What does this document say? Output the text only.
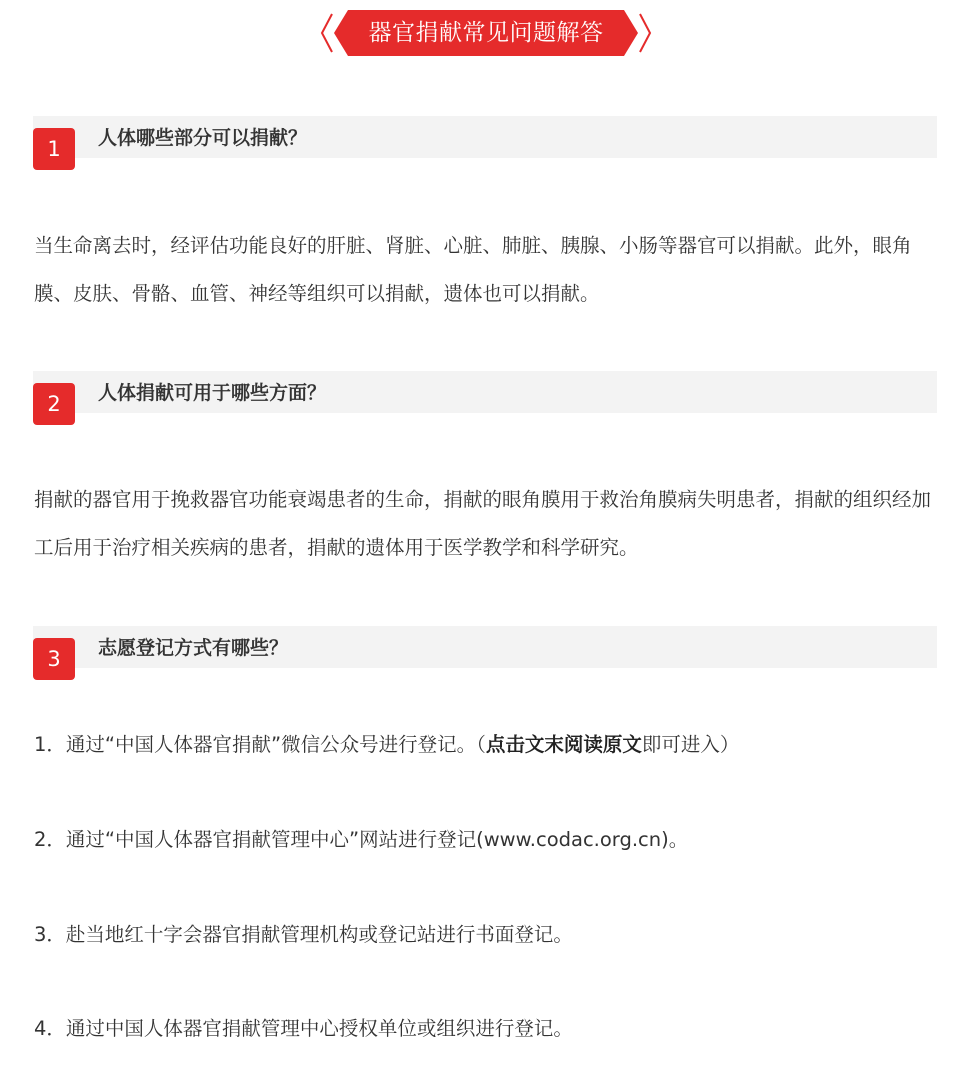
器官捐献常见问题解答
1	人体哪些部分可以捐献？

当生命离去时，经评估功能良好的肝脏、肾脏、心脏、肺脏、胰腺、小肠等器官可以捐献。此外，眼角膜、皮肤、骨骼、血管、神经等组织可以捐献，遗体也可以捐献。

2	人体捐献可用于哪些方面？

捐献的器官用于挽救器官功能衰竭患者的生命，捐献的眼角膜用于救治角膜病失明患者，捐献的组织经加工后用于治疗相关疾病的患者，捐献的遗体用于医学教学和科学研究。

3	志愿登记方式有哪些？

1．通过“中国人体器官捐献”微信公众号进行登记。（点击文末阅读原文即可进入）

2．通过“中国人体器官捐献管理中心”网站进行登记(www.codac.org.cn)。

3．赴当地红十字会器官捐献管理机构或登记站进行书面登记。

4．通过中国人体器官捐献管理中心授权单位或组织进行登记。
